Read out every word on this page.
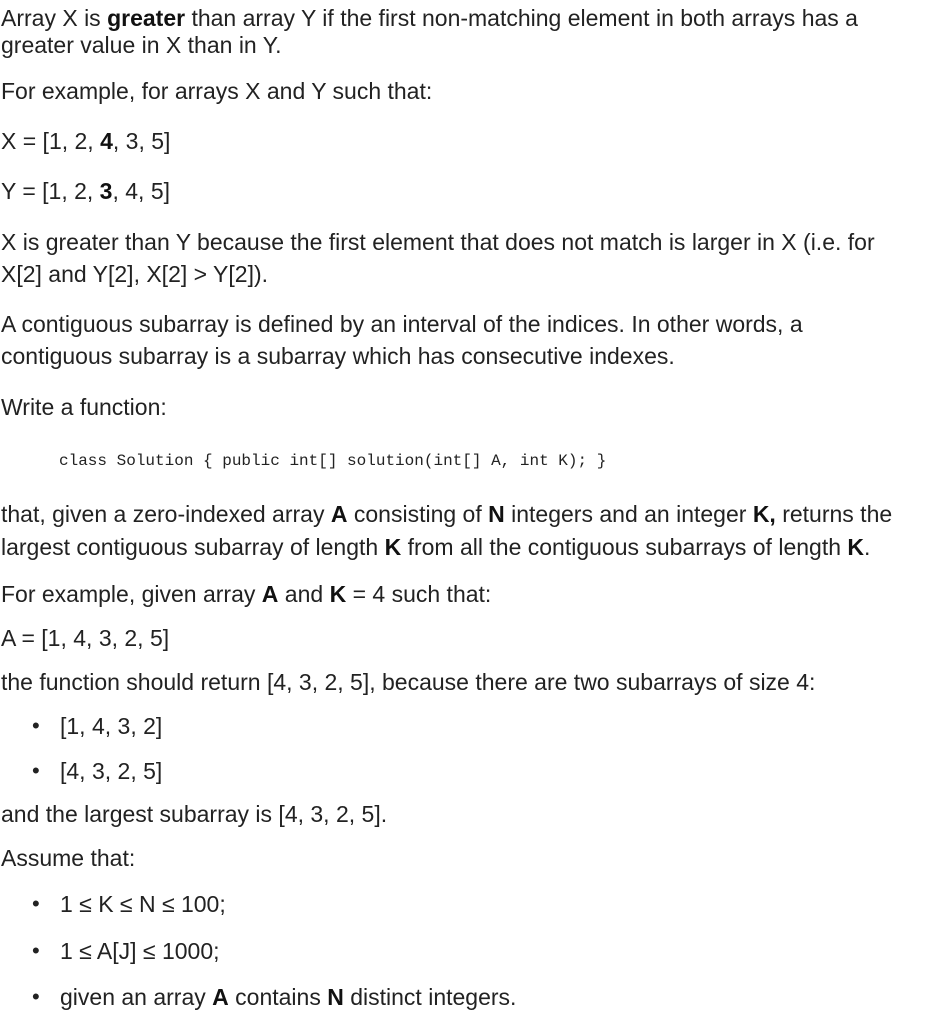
Array X is greater than array Y if the first non-matching element in both arrays has a
greater value in X than in Y.
For example, for arrays X and Y such that:
X = [1, 2, 4, 3, 5]
Y = [1, 2, 3, 4, 5]
X is greater than Y because the first element that does not match is larger in X (i.e. for
X[2] and Y[2], X[2] > Y[2]).
A contiguous subarray is defined by an interval of the indices. In other words, a
contiguous subarray is a subarray which has consecutive indexes.
Write a function:
class Solution { public int[] solution(int[] A, int K); }
that, given a zero-indexed array A consisting of N integers and an integer K, returns the
largest contiguous subarray of length K from all the contiguous subarrays of length K.
For example, given array A and K = 4 such that:
A = [1, 4, 3, 2, 5]
the function should return [4, 3, 2, 5], because there are two subarrays of size 4:
• [1, 4, 3, 2]
• [4, 3, 2, 5]
and the largest subarray is [4, 3, 2, 5].
Assume that:
• 1 ≤ K ≤ N ≤ 100;
• 1 ≤ A[J] ≤ 1000;
• given an array A contains N distinct integers.
